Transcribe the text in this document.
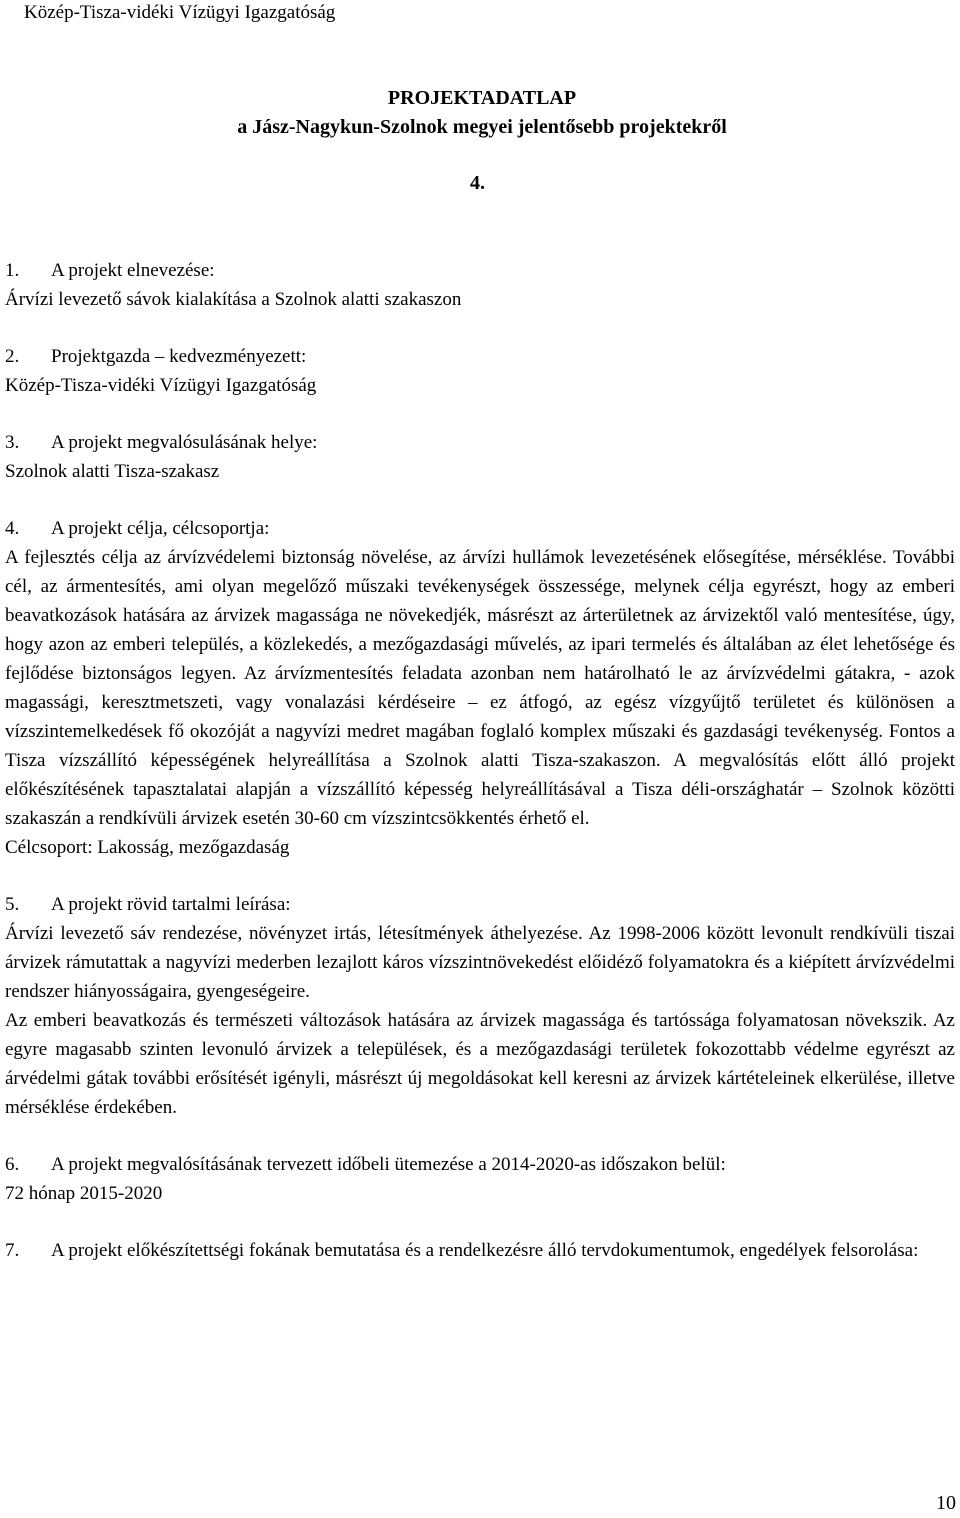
Közép-Tisza-vidéki Vízügyi Igazgatóság
PROJEKTADATLAP
a Jász-Nagykun-Szolnok megyei jelentősebb projektekről
4.
1.	A projekt elnevezése:
Árvízi levezető sávok kialakítása a Szolnok alatti szakaszon
2.	Projektgazda – kedvezményezett:
Közép-Tisza-vidéki Vízügyi Igazgatóság
3.	A projekt megvalósulásának helye:
Szolnok alatti Tisza-szakasz
4.	A projekt célja, célcsoportja:
A fejlesztés célja az árvízvédelemi biztonság növelése, az árvízi hullámok levezetésének elősegítése, mérséklése. További cél, az ármentesítés, ami olyan megelőző műszaki tevékenységek összessége, melynek célja egyrészt, hogy az emberi beavatkozások hatására az árvizek magassága ne növekedjék, másrészt az árterületnek az árvizektől való mentesítése, úgy, hogy azon az emberi település, a közlekedés, a mezőgazdasági művelés, az ipari termelés és általában az élet lehetősége és fejlődése biztonságos legyen. Az árvízmentesítés feladata azonban nem határolható le az árvízvédelmi gátakra, - azok magassági, keresztmetszeti, vagy vonalazási kérdéseire – ez átfogó, az egész vízgyűjtő területet és különösen a vízszintemelkedések fő okozóját a nagyvízi medret magában foglaló komplex műszaki és gazdasági tevékenység. Fontos a Tisza vízszállító képességének helyreállítása a Szolnok alatti Tisza-szakaszon. A megvalósítás előtt álló projekt előkészítésének tapasztalatai alapján a vízszállító képesség helyreállításával a Tisza déli-országhatár – Szolnok közötti szakaszán a rendkívüli árvizek esetén 30-60 cm vízszintcsökkentés érhető el.
Célcsoport: Lakosság, mezőgazdaság
5.	A projekt rövid tartalmi leírása:
Árvízi levezető sáv rendezése, növényzet irtás, létesítmények áthelyezése. Az 1998-2006 között levonult rendkívüli tiszai árvizek rámutattak a nagyvízi mederben lezajlott káros vízszintnövekedést előidéző folyamatokra és a kiépített árvízvédelmi rendszer hiányosságaira, gyengeségeire.
Az emberi beavatkozás és természeti változások hatására az árvizek magassága és tartóssága folyamatosan növekszik. Az egyre magasabb szinten levonuló árvizek a települések, és a mezőgazdasági területek fokozottabb védelme egyrészt az árvédelmi gátak további erősítését igényli, másrészt új megoldásokat kell keresni az árvizek kártételeinek elkerülése, illetve mérséklése érdekében.
6.	A projekt megvalósításának tervezett időbeli ütemezése a 2014-2020-as időszakon belül:
72 hónap 2015-2020
7.	A projekt előkészítettségi fokának bemutatása és a rendelkezésre álló tervdokumentumok, engedélyek felsorolása:
10
